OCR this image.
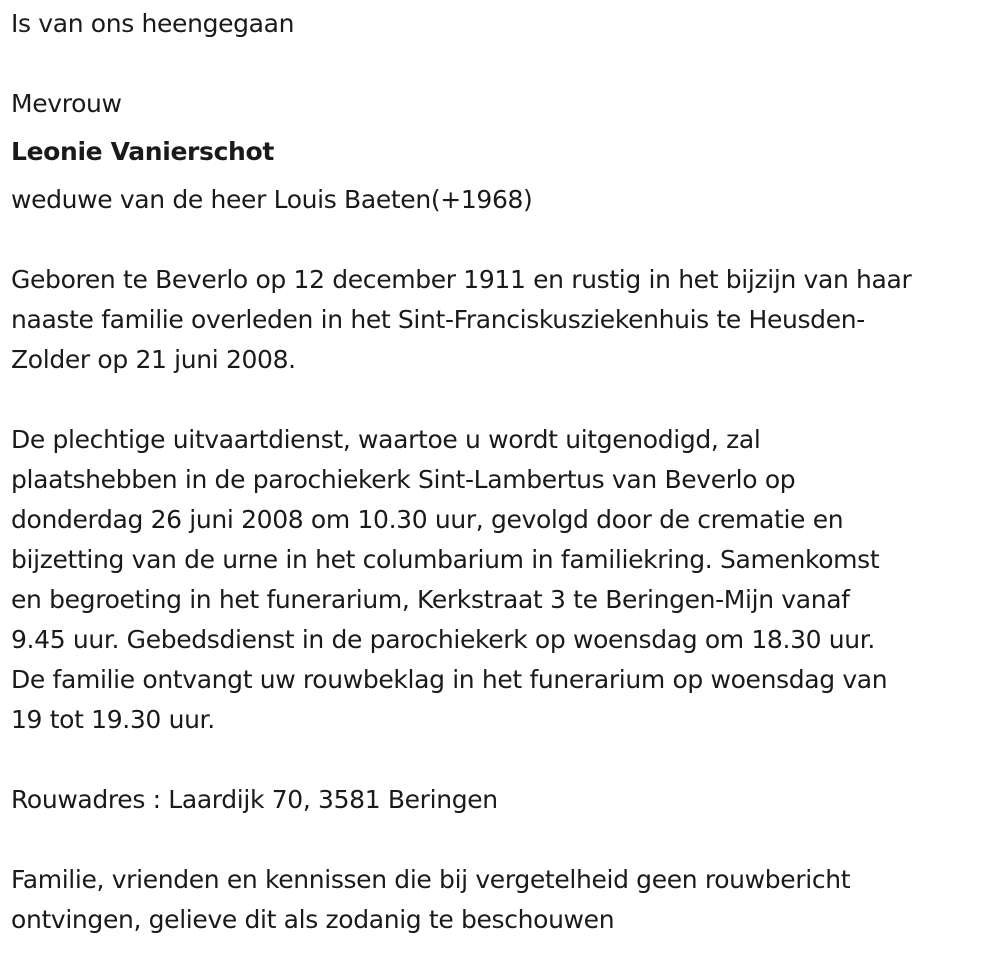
Is van ons heengegaan

Mevrouw

Leonie Vanierschot

weduwe van de heer Louis Baeten(+1968)

Geboren te Beverlo op 12 december 1911 en rustig in het bijzijn van haar

naaste familie overleden in het Sint-Franciskusziekenhuis te Heusden-

Zolder op 21 juni 2008.

De plechtige uitvaartdienst, waartoe u wordt uitgenodigd, zal

plaatshebben in de parochiekerk Sint-Lambertus van Beverlo op

donderdag 26 juni 2008 om 10.30 uur, gevolgd door de crematie en

bijzetting van de urne in het columbarium in familiekring. Samenkomst

en begroeting in het funerarium, Kerkstraat 3 te Beringen-Mijn vanaf

9.45 uur. Gebedsdienst in de parochiekerk op woensdag om 18.30 uur.

De familie ontvangt uw rouwbeklag in het funerarium op woensdag van

19 tot 19.30 uur.

Rouwadres : Laardijk 70, 3581 Beringen

Familie, vrienden en kennissen die bij vergetelheid geen rouwbericht

ontvingen, gelieve dit als zodanig te beschouwen
